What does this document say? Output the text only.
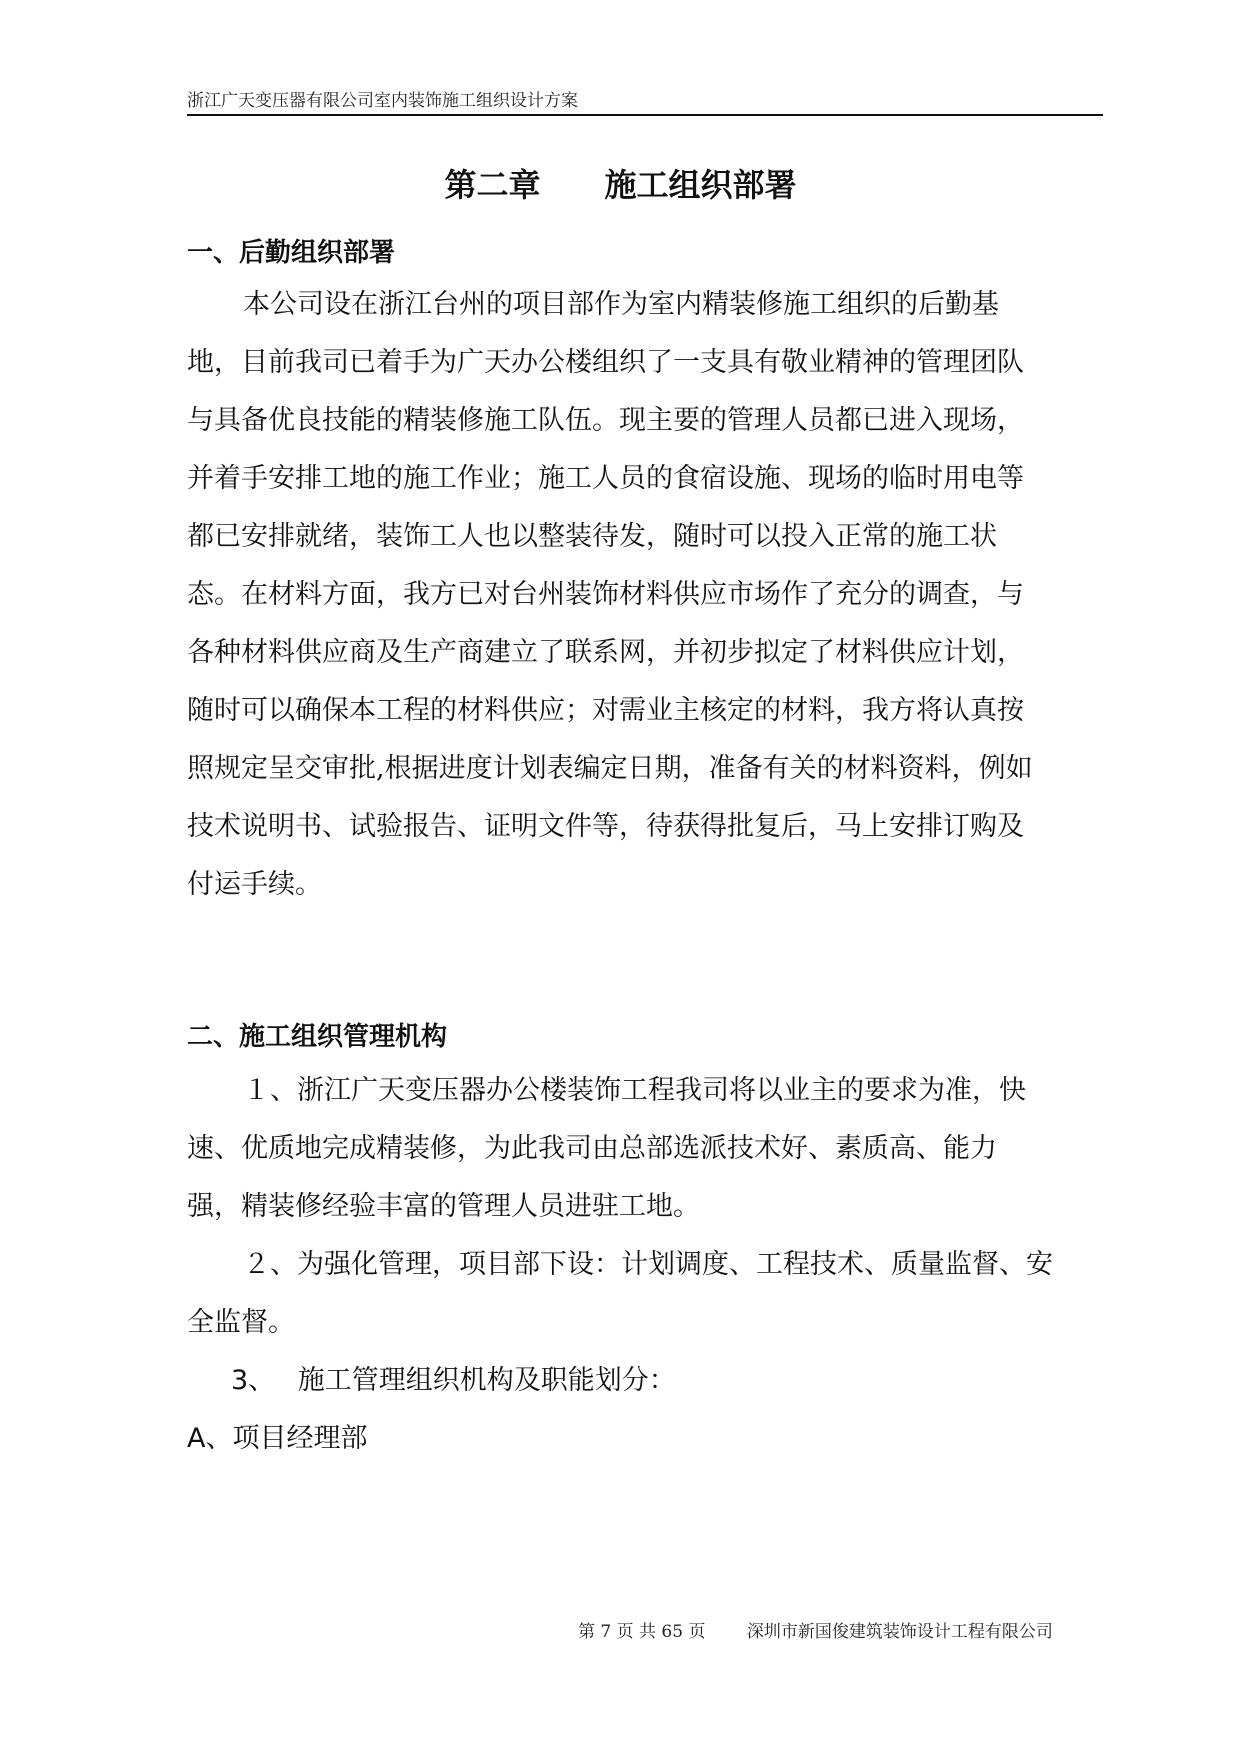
浙江广天变压器有限公司室内装饰施工组织设计方案
第二章　　施工组织部署
一、后勤组织部署
本公司设在浙江台州的项目部作为室内精装修施工组织的后勤基
地，目前我司已着手为广天办公楼组织了一支具有敬业精神的管理团队
与具备优良技能的精装修施工队伍。现主要的管理人员都已进入现场，
并着手安排工地的施工作业；施工人员的食宿设施、现场的临时用电等
都已安排就绪，装饰工人也以整装待发，随时可以投入正常的施工状
态。在材料方面，我方已对台州装饰材料供应市场作了充分的调查，与
各种材料供应商及生产商建立了联系网，并初步拟定了材料供应计划，
随时可以确保本工程的材料供应；对需业主核定的材料，我方将认真按
照规定呈交审批,根据进度计划表编定日期，准备有关的材料资料，例如
技术说明书、试验报告、证明文件等，待获得批复后，马上安排订购及
付运手续。
二、施工组织管理机构
１、浙江广天变压器办公楼装饰工程我司将以业主的要求为准，快
速、优质地完成精装修，为此我司由总部选派技术好、素质高、能力
强，精装修经验丰富的管理人员进驻工地。
２、为强化管理，项目部下设：计划调度、工程技术、质量监督、安
全监督。
3、 施工管理组织机构及职能划分：
A、项目经理部
第 7 页 共 65 页 深圳市新国俊建筑装饰设计工程有限公司
